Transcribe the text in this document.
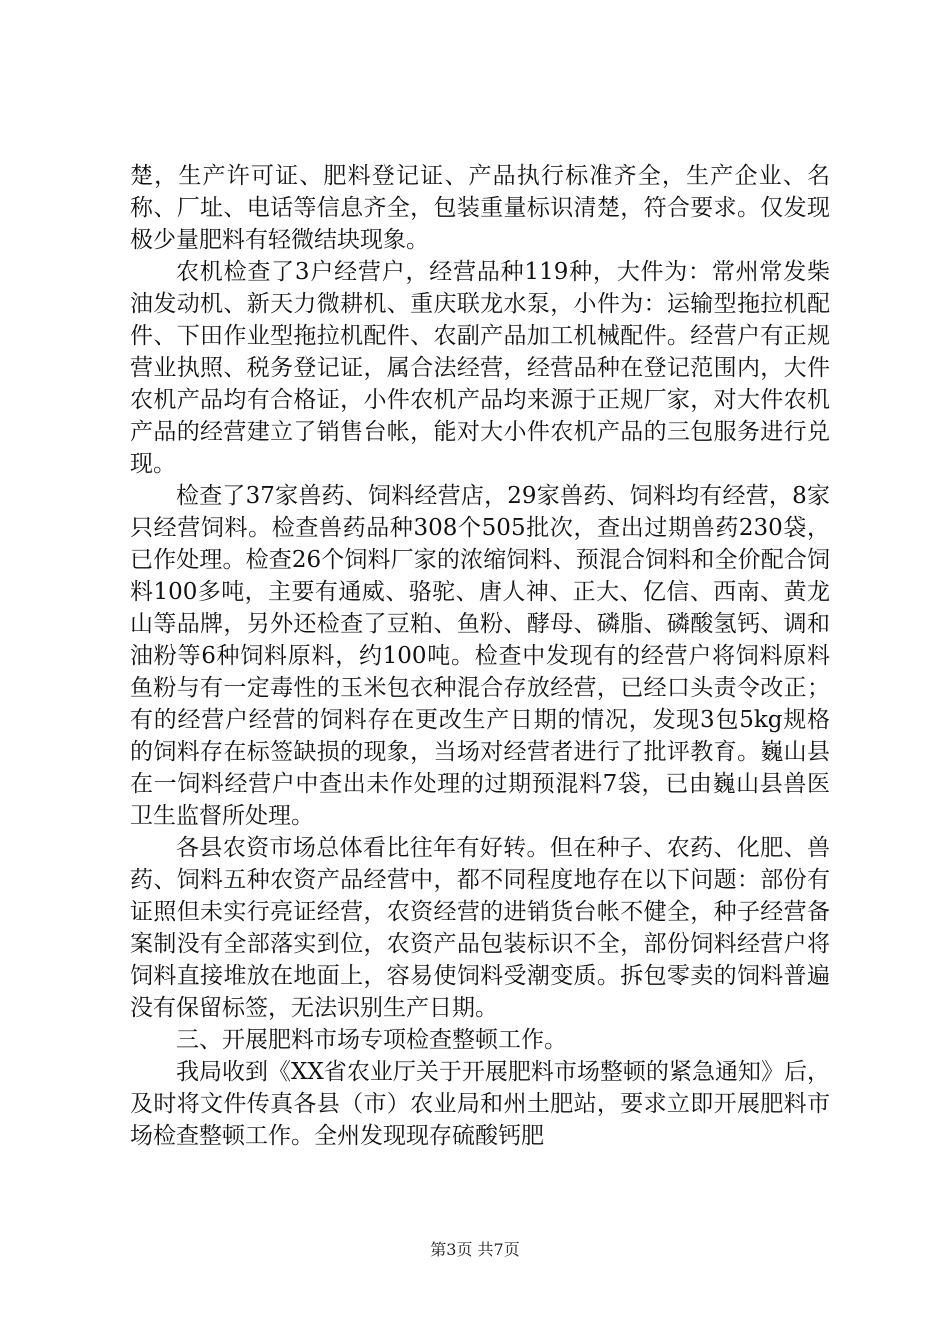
楚，生产许可证、肥料登记证、产品执行标准齐全，生产企业、名称、厂址、电话等信息齐全，包装重量标识清楚，符合要求。仅发现极少量肥料有轻微结块现象。

农机检查了3户经营户，经营品种119种，大件为：常州常发柴油发动机、新天力微耕机、重庆联龙水泵，小件为：运输型拖拉机配件、下田作业型拖拉机配件、农副产品加工机械配件。经营户有正规营业执照、税务登记证，属合法经营，经营品种在登记范围内，大件农机产品均有合格证，小件农机产品均来源于正规厂家，对大件农机产品的经营建立了销售台帐，能对大小件农机产品的三包服务进行兑现。

检查了37家兽药、饲料经营店，29家兽药、饲料均有经营，8家只经营饲料。检查兽药品种308个505批次，查出过期兽药230袋，已作处理。检查26个饲料厂家的浓缩饲料、预混合饲料和全价配合饲料100多吨，主要有通威、骆驼、唐人神、正大、亿信、西南、黄龙山等品牌，另外还检查了豆粕、鱼粉、酵母、磷脂、磷酸氢钙、调和油粉等6种饲料原料，约100吨。检查中发现有的经营户将饲料原料鱼粉与有一定毒性的玉米包衣种混合存放经营，已经口头责令改正；有的经营户经营的饲料存在更改生产日期的情况，发现3包5kg规格的饲料存在标签缺损的现象，当场对经营者进行了批评教育。巍山县在一饲料经营户中查出未作处理的过期预混料7袋，已由巍山县兽医卫生监督所处理。

各县农资市场总体看比往年有好转。但在种子、农药、化肥、兽药、饲料五种农资产品经营中，都不同程度地存在以下问题：部份有证照但未实行亮证经营，农资经营的进销货台帐不健全，种子经营备案制没有全部落实到位，农资产品包装标识不全，部份饲料经营户将饲料直接堆放在地面上，容易使饲料受潮变质。拆包零卖的饲料普遍没有保留标签，无法识别生产日期。

三、开展肥料市场专项检查整顿工作。

我局收到《XX省农业厅关于开展肥料市场整顿的紧急通知》后，及时将文件传真各县（市）农业局和州土肥站，要求立即开展肥料市场检查整顿工作。全州发现现存硫酸钙肥

第3页 共7页
